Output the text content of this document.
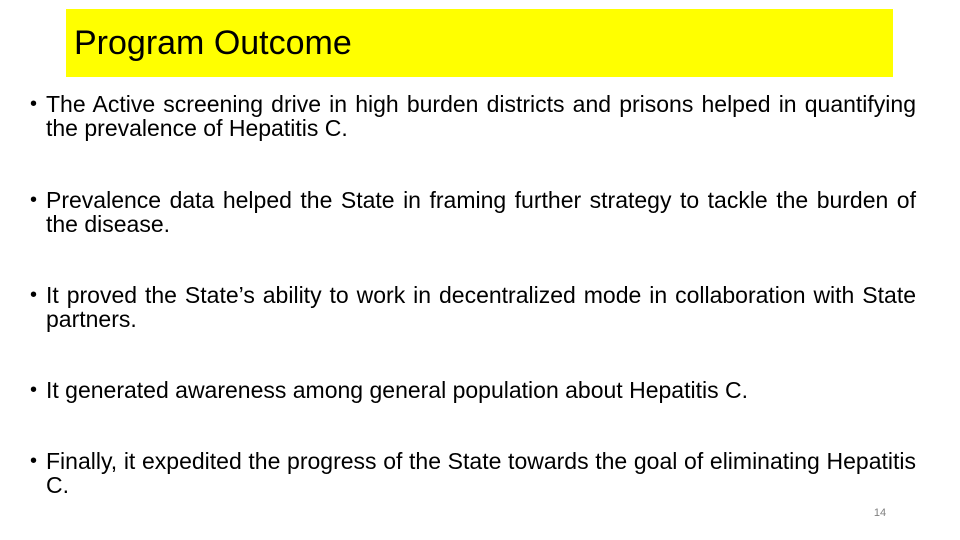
Program Outcome
• The Active screening drive in high burden districts and prisons helped in quantifying the prevalence of Hepatitis C.
• Prevalence data helped the State in framing further strategy to tackle the burden of the disease.
• It proved the State’s ability to work in decentralized mode in collaboration with State partners.
• It generated awareness among general population about Hepatitis C.
• Finally, it expedited the progress of the State towards the goal of eliminating Hepatitis C.
14
